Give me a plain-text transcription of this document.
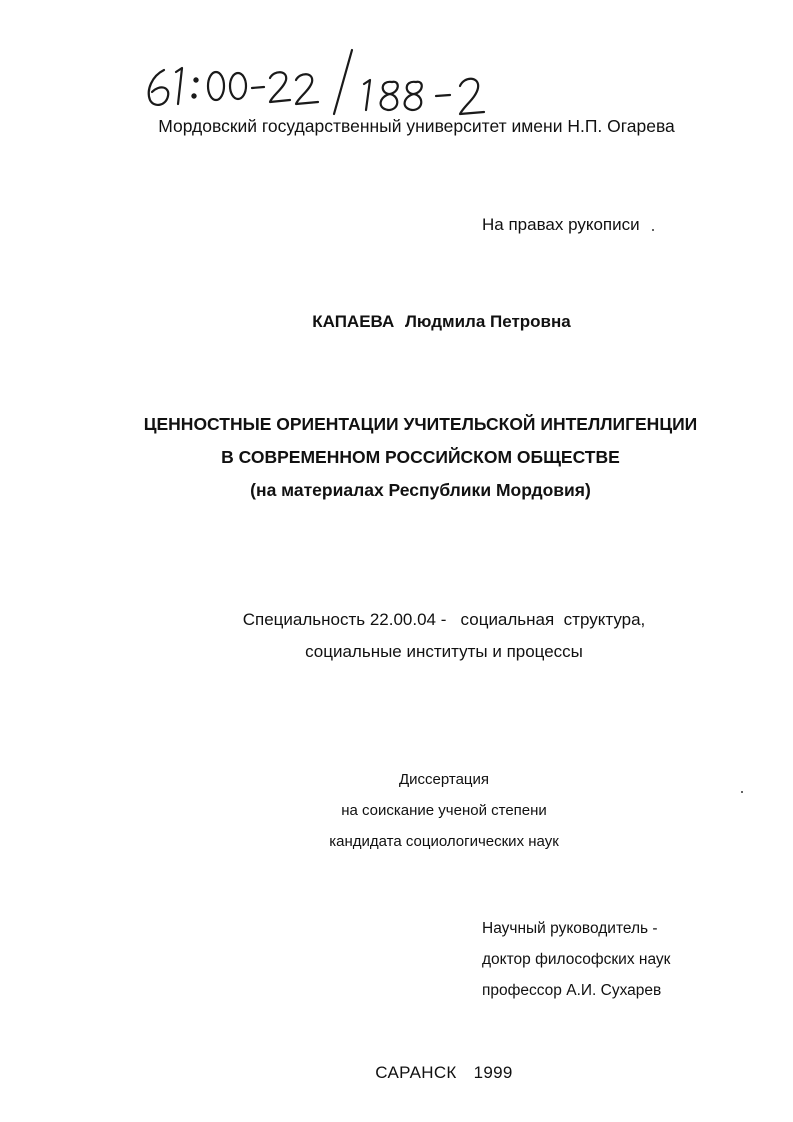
Мордовский государственный университет имени Н.П. Огарева
На правах рукописи
КАПАЕВА Людмила Петровна
ЦЕННОСТНЫЕ ОРИЕНТАЦИИ УЧИТЕЛЬСКОЙ ИНТЕЛЛИГЕНЦИИ
В СОВРЕМЕННОМ РОССИЙСКОМ ОБЩЕСТВЕ
(на материалах Республики Мордовия)
Специальность 22.00.04 -   социальная  структура,
социальные институты и процессы
Диссертация
на соискание ученой степени
кандидата социологических наук
Научный руководитель -
доктор философских наук
профессор А.И. Сухарев
САРАНСК 1999
